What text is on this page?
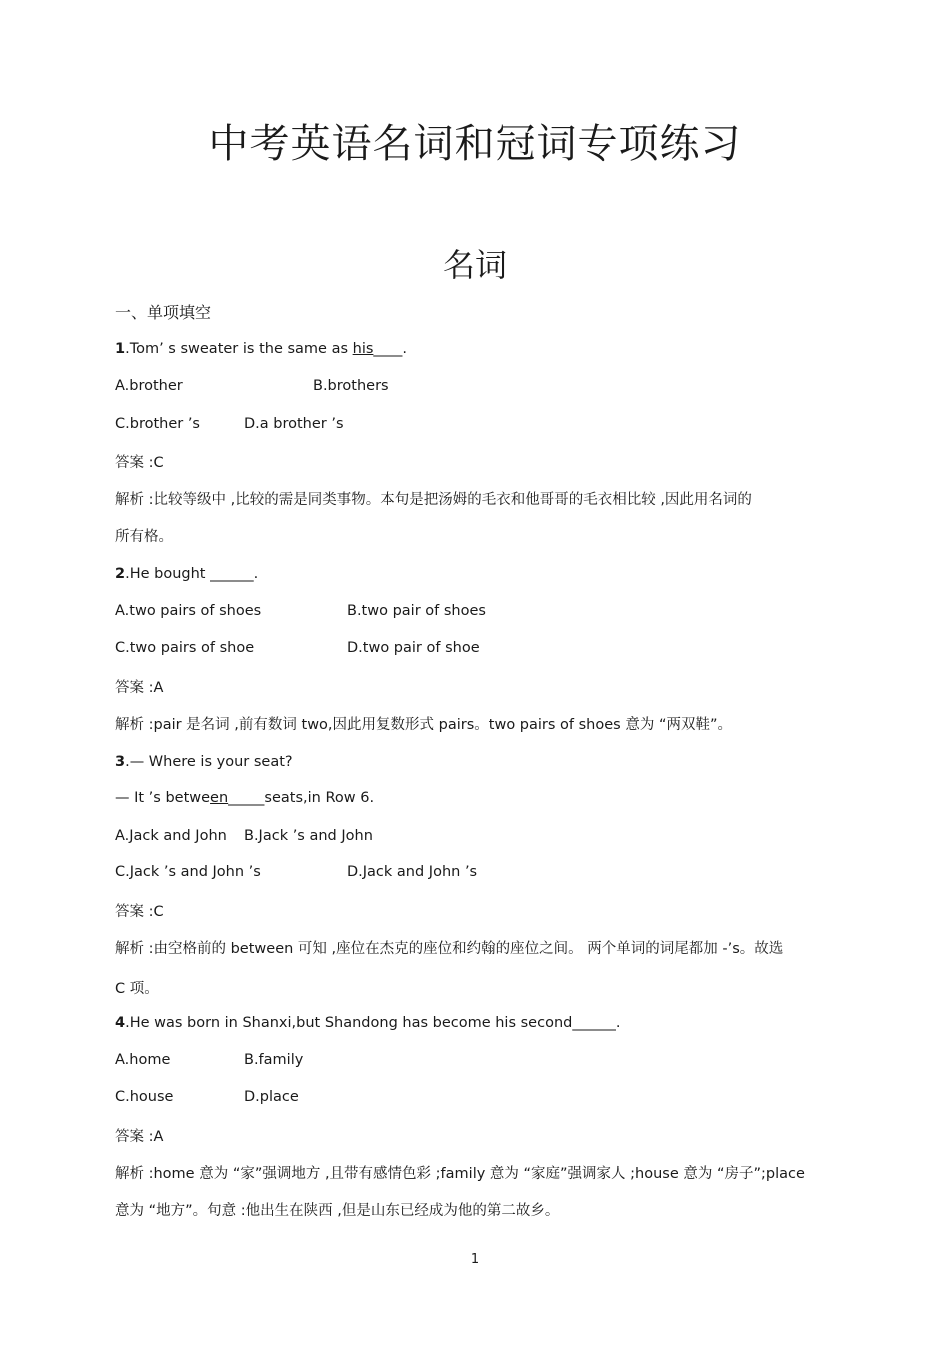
中考英语名词和冠词专项练习
名词
一、单项填空
1.Tom’ s sweater is the same as his____.
A.brother	B.brothers
C.brother ’s	D.a brother ’s
答案 :C
解析 :比较等级中 ,比较的需是同类事物。本句是把汤姆的毛衣和他哥哥的毛衣相比较 ,因此用名词的
所有格。
2.He bought ______.
A.two pairs of shoes	B.two pair of shoes
C.two pairs of shoe	D.two pair of shoe
答案 :A
解析 :pair 是名词 ,前有数词 two,因此用复数形式 pairs。two pairs of shoes 意为 “两双鞋”。
3.— Where is your seat?
— It ’s between_____seats,in Row 6.
A.Jack and John B.Jack ’s and John
C.Jack ’s and John ’s	D.Jack and John ’s
答案 :C
解析 :由空格前的 between 可知 ,座位在杰克的座位和约翰的座位之间。 两个单词的词尾都加 -’s。故选
C 项。
4.He was born in Shanxi,but Shandong has become his second______.
A.home	B.family
C.house	D.place
答案 :A
解析 :home 意为 “家”强调地方 ,且带有感情色彩 ;family 意为 “家庭”强调家人 ;house 意为 “房子”;place
意为 “地方”。句意 :他出生在陕西 ,但是山东已经成为他的第二故乡。
1
